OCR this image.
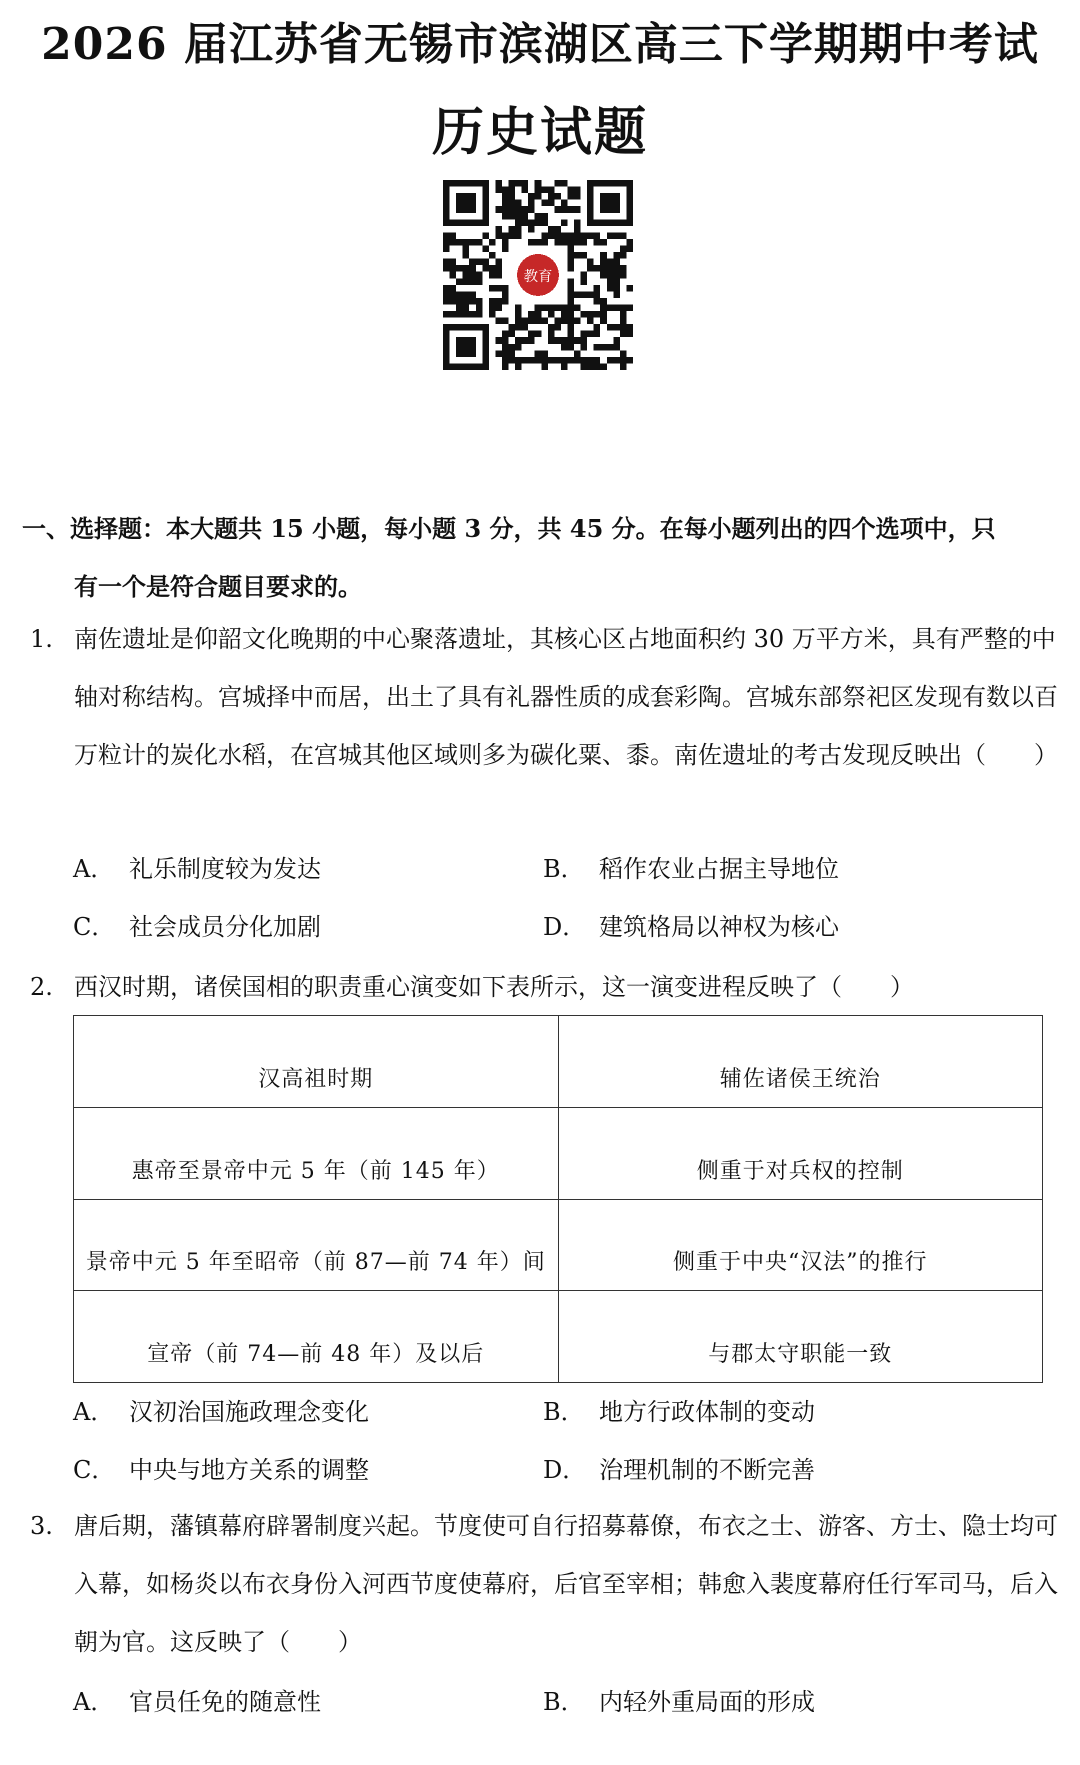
2026 届江苏省无锡市滨湖区高三下学期期中考试
历史试题
教育
一、选择题：本大题共 15 小题，每小题 3 分，共 45 分。在每小题列出的四个选项中，只
有一个是符合题目要求的。
1. 南佐遗址是仰韶文化晚期的中心聚落遗址，其核心区占地面积约 30 万平方米，具有严整的中轴对称结构。宫城择中而居，出土了具有礼器性质的成套彩陶。宫城东部祭祀区发现有数以百万粒计的炭化水稻，在宫城其他区域则多为碳化粟、黍。南佐遗址的考古发现反映出（　　）
A． 礼乐制度较为发达	B． 稻作农业占据主导地位
C． 社会成员分化加剧	D． 建筑格局以神权为核心
2. 西汉时期，诸侯国相的职责重心演变如下表所示，这一演变进程反映了（　　）
汉高祖时期	辅佐诸侯王统治
惠帝至景帝中元 5 年（前 145 年）	侧重于对兵权的控制
景帝中元 5 年至昭帝（前 87—前 74 年）间	侧重于中央“汉法”的推行
宣帝（前 74—前 48 年）及以后	与郡太守职能一致
A． 汉初治国施政理念变化	B． 地方行政体制的变动
C． 中央与地方关系的调整	D． 治理机制的不断完善
3. 唐后期，藩镇幕府辟署制度兴起。节度使可自行招募幕僚，布衣之士、游客、方士、隐士均可入幕，如杨炎以布衣身份入河西节度使幕府，后官至宰相；韩愈入裴度幕府任行军司马，后入朝为官。这反映了（　　）
A． 官员任免的随意性	B． 内轻外重局面的形成
